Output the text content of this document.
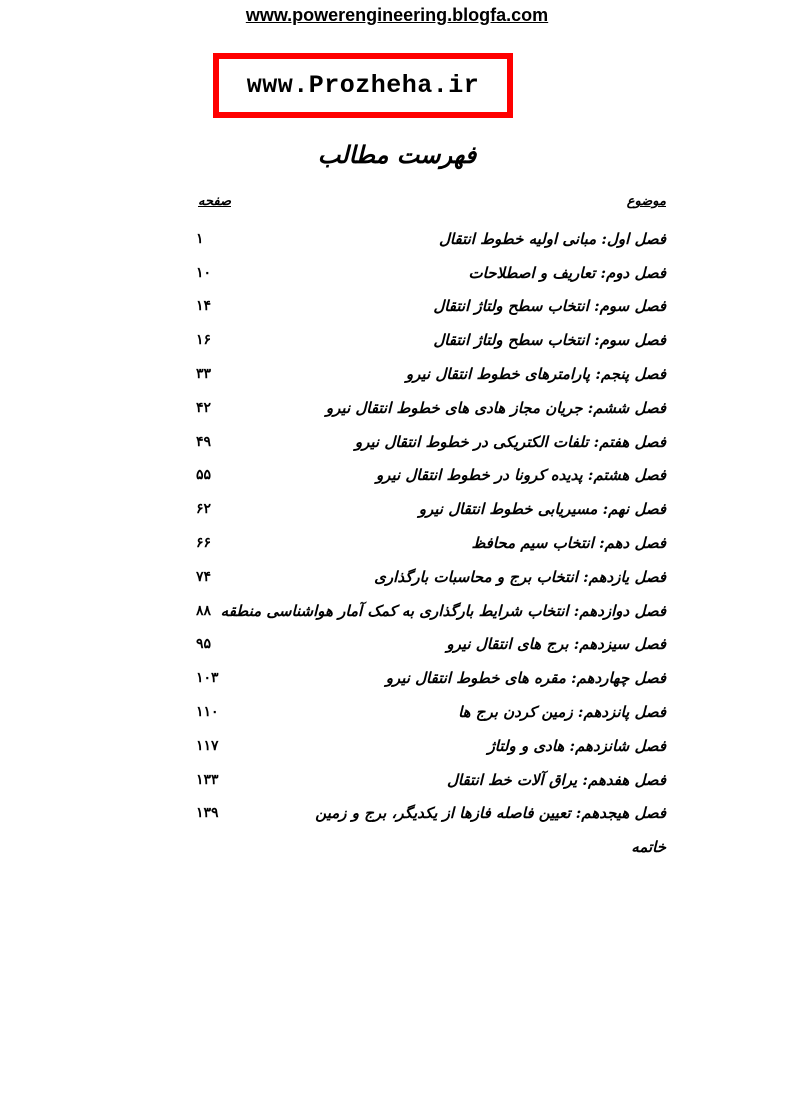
www.powerengineering.blogfa.com
www.Prozheha.ir
فهرست مطالب
موضوع
صفحه
۱	فصل اول: مبانی اولیه خطوط انتقال
۱۰	فصل دوم: تعاریف و اصطلاحات
۱۴	فصل سوم: انتخاب سطح ولتاژ انتقال
۱۶	فصل سوم: انتخاب سطح ولتاژ انتقال
۳۳	فصل پنجم: پارامترهای خطوط انتقال نیرو
۴۲	فصل ششم: جریان مجاز هادی های خطوط انتقال نیرو
۴۹	فصل هفتم: تلفات الکتریکی در خطوط انتقال نیرو
۵۵	فصل هشتم: پدیده کرونا در خطوط انتقال نیرو
۶۲	فصل نهم: مسیریابی خطوط انتقال نیرو
۶۶	فصل دهم: انتخاب سیم محافظ
۷۴	فصل یازدهم: انتخاب برج و محاسبات بارگذاری
۸۸ فصل دوازدهم: انتخاب شرایط بارگذاری به کمک آمار هواشناسی منطقه
۹۵	فصل سیزدهم: برج های انتقال نیرو
۱۰۳	فصل چهاردهم: مقره های خطوط انتقال نیرو
۱۱۰	فصل پانزدهم: زمین کردن برج ها
۱۱۷	فصل شانزدهم: هادی و ولتاژ
۱۳۳	فصل هفدهم: یراق آلات خط انتقال
۱۳۹	فصل هیجدهم: تعیین فاصله فازها از یکدیگر، برج و زمین
خاتمه
